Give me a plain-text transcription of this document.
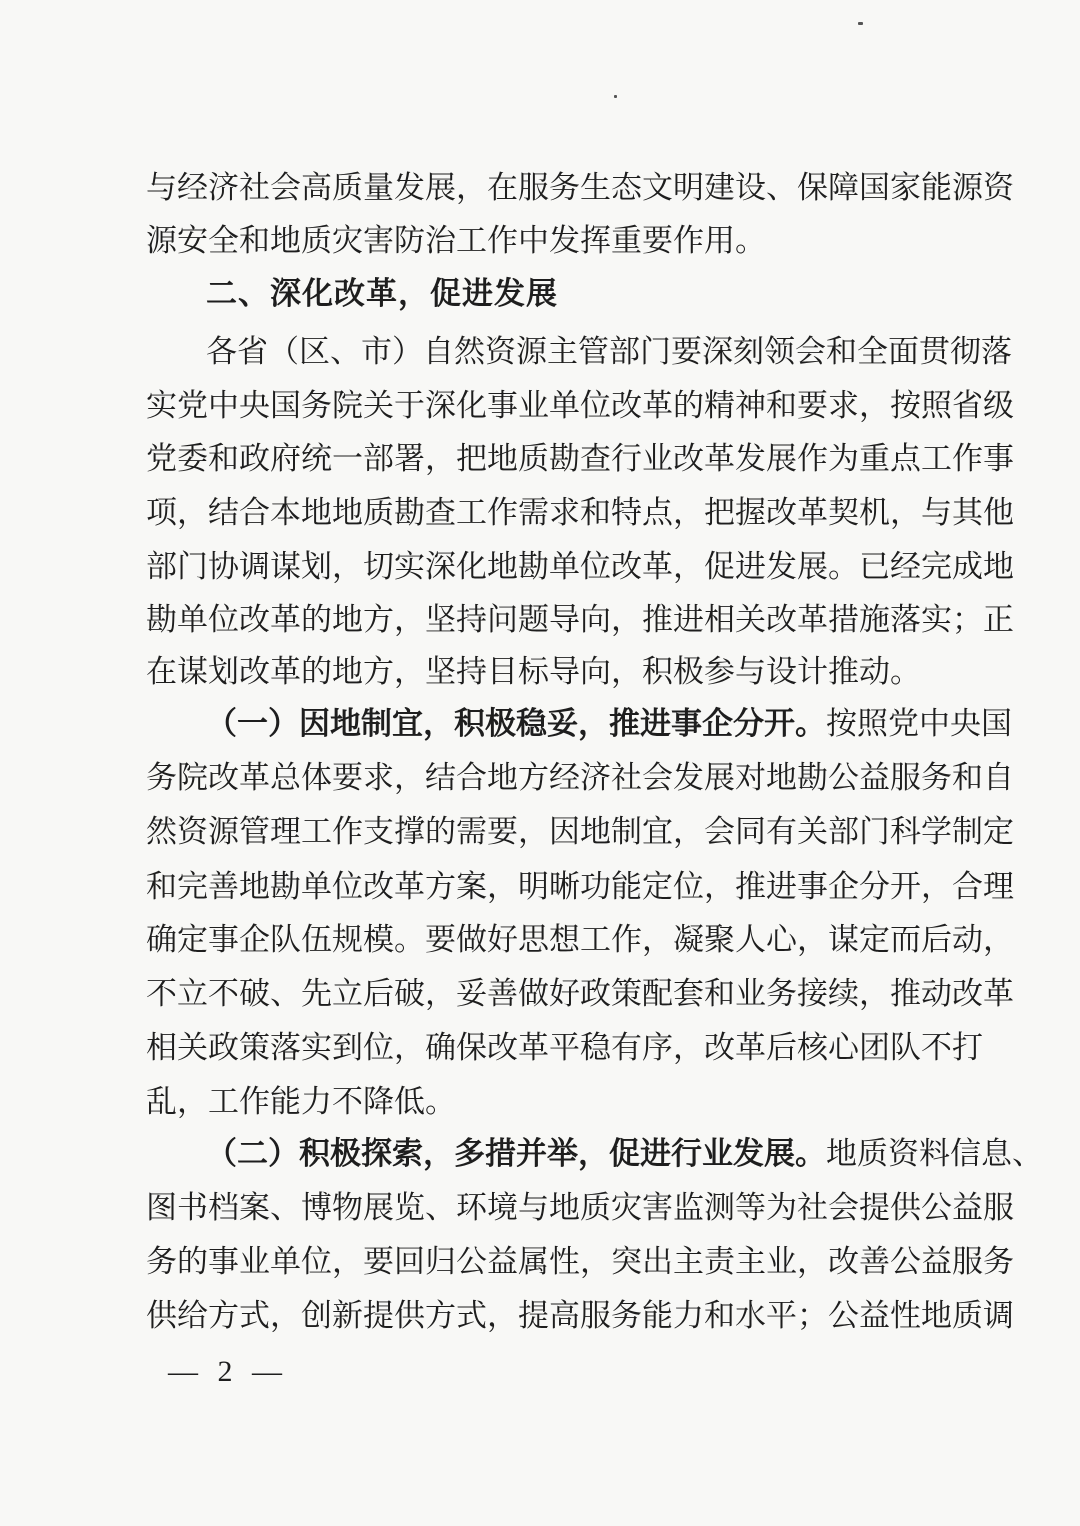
与经济社会高质量发展，在服务生态文明建设、保障国家能源资
源安全和地质灾害防治工作中发挥重要作用。
二、深化改革，促进发展
各省（区、市）自然资源主管部门要深刻领会和全面贯彻落
实党中央国务院关于深化事业单位改革的精神和要求，按照省级
党委和政府统一部署，把地质勘查行业改革发展作为重点工作事
项，结合本地地质勘查工作需求和特点，把握改革契机，与其他
部门协调谋划，切实深化地勘单位改革，促进发展。已经完成地
勘单位改革的地方，坚持问题导向，推进相关改革措施落实；正
在谋划改革的地方，坚持目标导向，积极参与设计推动。
（一）因地制宜，积极稳妥，推进事企分开。按照党中央国
务院改革总体要求，结合地方经济社会发展对地勘公益服务和自
然资源管理工作支撑的需要，因地制宜，会同有关部门科学制定
和完善地勘单位改革方案，明晰功能定位，推进事企分开，合理
确定事企队伍规模。要做好思想工作，凝聚人心，谋定而后动，
不立不破、先立后破，妥善做好政策配套和业务接续，推动改革
相关政策落实到位，确保改革平稳有序，改革后核心团队不打
乱，工作能力不降低。
（二）积极探索，多措并举，促进行业发展。地质资料信息、
图书档案、博物展览、环境与地质灾害监测等为社会提供公益服
务的事业单位，要回归公益属性，突出主责主业，改善公益服务
供给方式，创新提供方式，提高服务能力和水平；公益性地质调
— 2 —
